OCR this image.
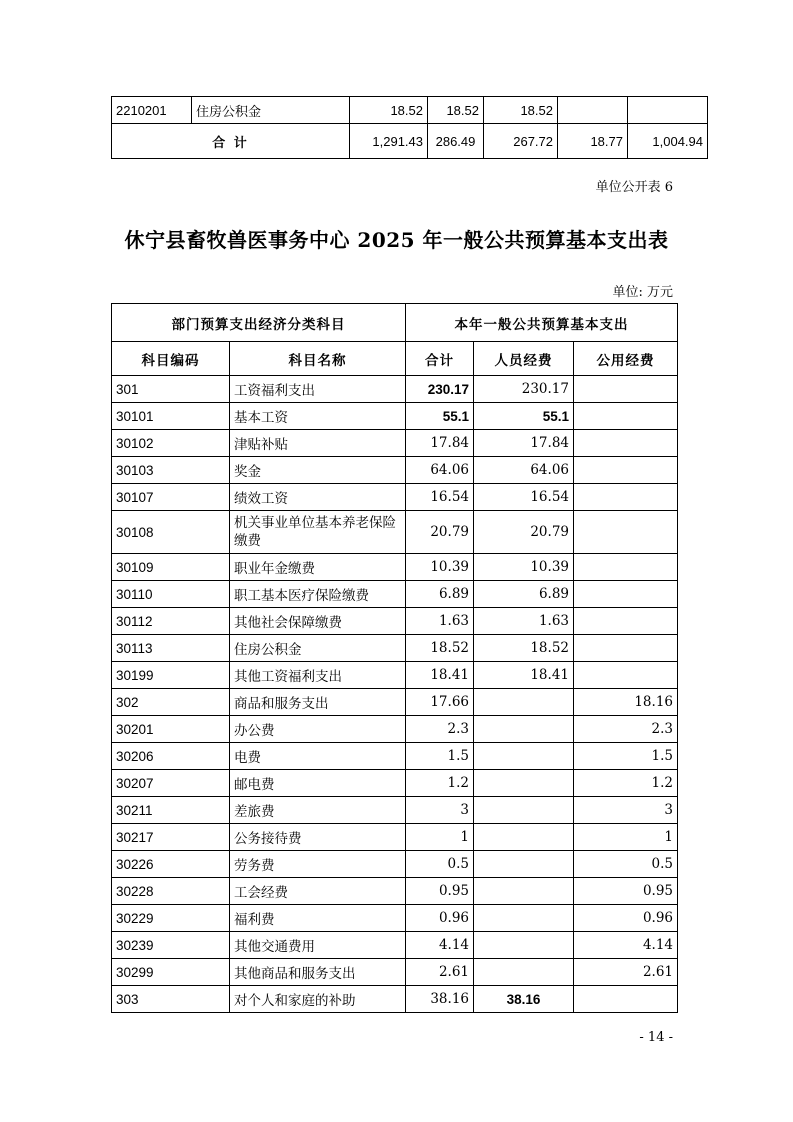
2210201	住房公积金	18.52	18.52	18.52		
合 计		1,291.43	286.49	267.72	18.77	1,004.94
单位公开表 6
休宁县畜牧兽医事务中心 2025 年一般公共预算基本支出表
单位: 万元
部门预算支出经济分类科目		本年一般公共预算基本支出		
科目编码	科目名称	合计	人员经费	公用经费
301	工资福利支出	230.17	230.17	
30101	基本工资	55.1	55.1	
30102	津贴补贴	17.84	17.84	
30103	奖金	64.06	64.06	
30107	绩效工资	16.54	16.54	
30108	机关事业单位基本养老保险缴费	20.79	20.79	
30109	职业年金缴费	10.39	10.39	
30110	职工基本医疗保险缴费	6.89	6.89	
30112	其他社会保障缴费	1.63	1.63	
30113	住房公积金	18.52	18.52	
30199	其他工资福利支出	18.41	18.41	
302	商品和服务支出	17.66		18.16
30201	办公费	2.3		2.3
30206	电费	1.5		1.5
30207	邮电费	1.2		1.2
30211	差旅费	3		3
30217	公务接待费	1		1
30226	劳务费	0.5		0.5
30228	工会经费	0.95		0.95
30229	福利费	0.96		0.96
30239	其他交通费用	4.14		4.14
30299	其他商品和服务支出	2.61		2.61
303	对个人和家庭的补助	38.16	38.16	
- 14 -
